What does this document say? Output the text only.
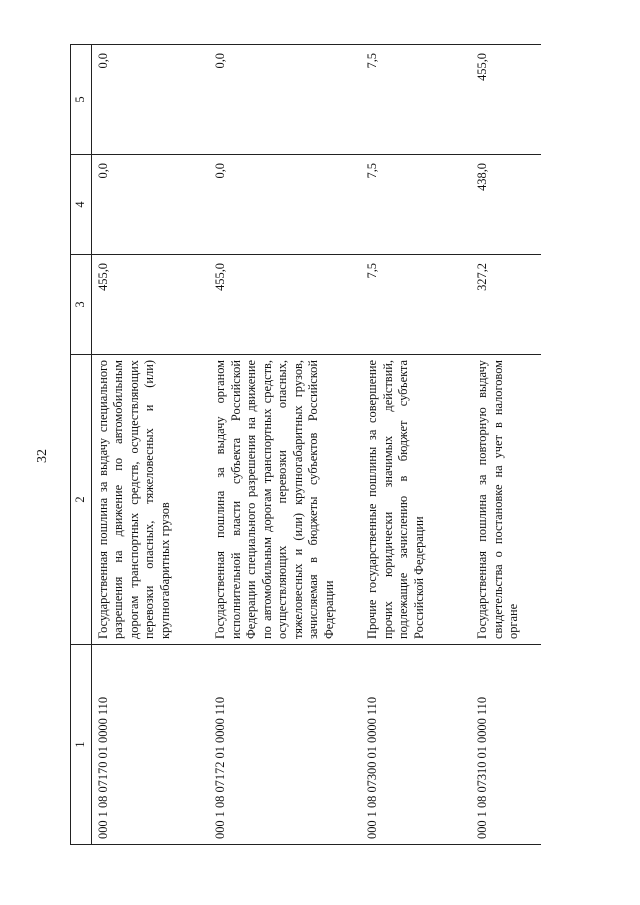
32
1	2	3	4	5
000 1 08 07170 01 0000 110	Государственная пошлина за выдачу специального разрешения на движение по автомобильным дорогам транспортных средств, осуществляющих перевозки опасных, тяжеловесных и (или) крупногабаритных грузов	455,0	0,0	0,0
000 1 08 07172 01 0000 110	Государственная пошлина за выдачу органом исполнительной власти субъекта Российской Федерации специального разрешения на движение по автомобильным дорогам транспортных средств, осуществляющих перевозки опасных, тяжеловесных и (или) крупногабаритных грузов, зачисляемая в бюджеты субъектов Российской Федерации	455,0	0,0	0,0
000 1 08 07300 01 0000 110	Прочие государственные пошлины за совершение прочих юридически значимых действий, подлежащие зачислению в бюджет субъекта Российской Федерации	7,5	7,5	7,5
000 1 08 07310 01 0000 110	Государственная пошлина за повторную выдачу свидетельства о постановке на учет в налоговом органе	327,2	438,0	455,0
